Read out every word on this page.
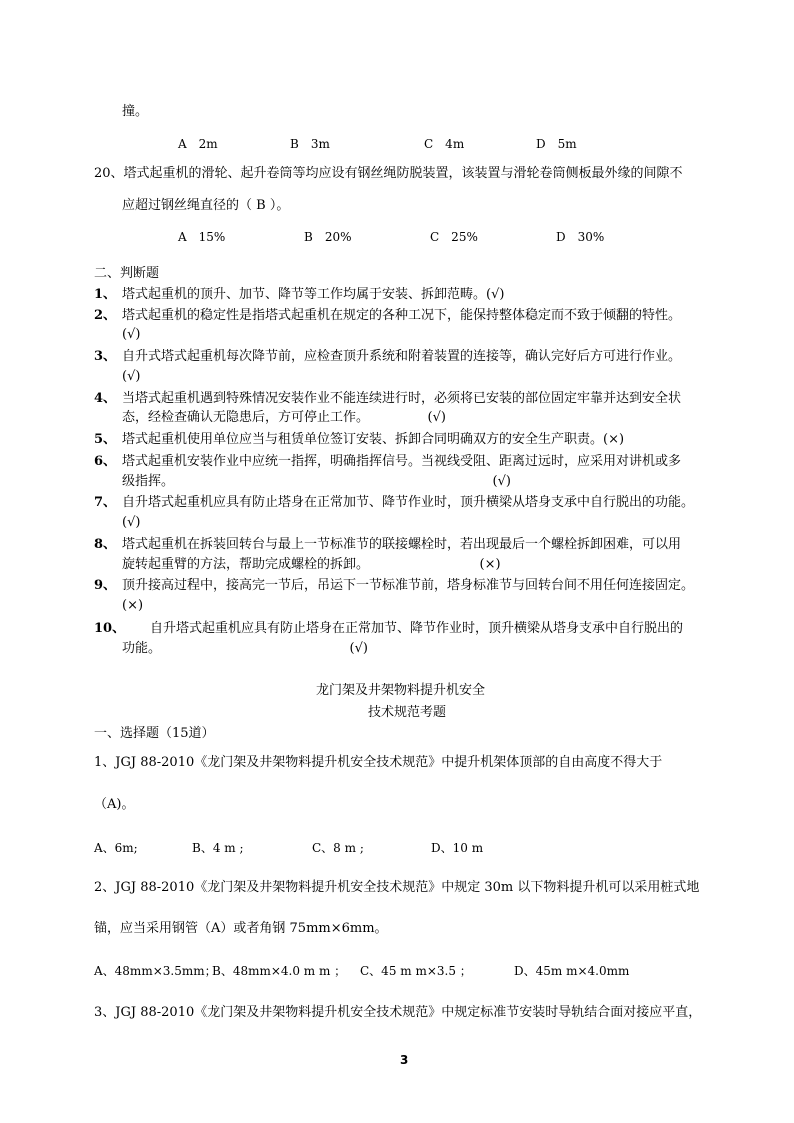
撞。
A　2m	B　3m	C　4m	D　5m
20、塔式起重机的滑轮、起升卷筒等均应设有钢丝绳防脱装置，该装置与滑轮卷筒侧板最外缘的间隙不
应超过钢丝绳直径的（ B ）。
A　15%	B　20%	C　25%	D　30%
二、判断题
1、 塔式起重机的顶升、加节、降节等工作均属于安装、拆卸范畴。(√)
2、 塔式起重机的稳定性是指塔式起重机在规定的各种工况下，能保持整体稳定而不致于倾翻的特性。
(√)
3、 自升式塔式起重机每次降节前，应检查顶升系统和附着装置的连接等，确认完好后方可进行作业。
(√)
4、 当塔式起重机遇到特殊情况安装作业不能连续进行时，必须将已安装的部位固定牢靠并达到安全状
态，经检查确认无隐患后，方可停止工作。　　　　　(√)
5、 塔式起重机使用单位应当与租赁单位签订安装、拆卸合同明确双方的安全生产职责。(×)
6、 塔式起重机安装作业中应统一指挥，明确指挥信号。当视线受阻、距离过远时，应采用对讲机或多
级指挥。　　　　　　　　　　　　　　　　　　　　　　　　　(√)
7、 自升塔式起重机应具有防止塔身在正常加节、降节作业时，顶升横梁从塔身支承中自行脱出的功能。
(√)
8、 塔式起重机在拆装回转台与最上一节标准节的联接螺栓时，若出现最后一个螺栓拆卸困难，可以用
旋转起重臂的方法，帮助完成螺栓的拆卸。　　　　　　　　　(×)
9、 顶升接高过程中，接高完一节后，吊运下一节标准节前，塔身标准节与回转台间不用任何连接固定。
(×)
10、 自升塔式起重机应具有防止塔身在正常加节、降节作业时，顶升横梁从塔身支承中自行脱出的
功能。　　　　　　　　　　　　　　　(√)
龙门架及井架物料提升机安全
技术规范考题
一、选择题（15道）
1、JGJ 88-2010《龙门架及井架物料提升机安全技术规范》中提升机架体顶部的自由高度不得大于
（A)。
A、6m;	B、4 m ;	C、8 m ;	D、10 m
2、JGJ 88-2010《龙门架及井架物料提升机安全技术规范》中规定 30m 以下物料提升机可以采用桩式地
锚，应当采用钢管（A）或者角钢 75mm×6mm。
A、48mm×3.5mm；
B、48mm×4.0 m m ； C、45 m m×3.5 ；	D、45m m×4.0mm
3、JGJ 88-2010《龙门架及井架物料提升机安全技术规范》中规定标准节安装时导轨结合面对接应平直，
3
